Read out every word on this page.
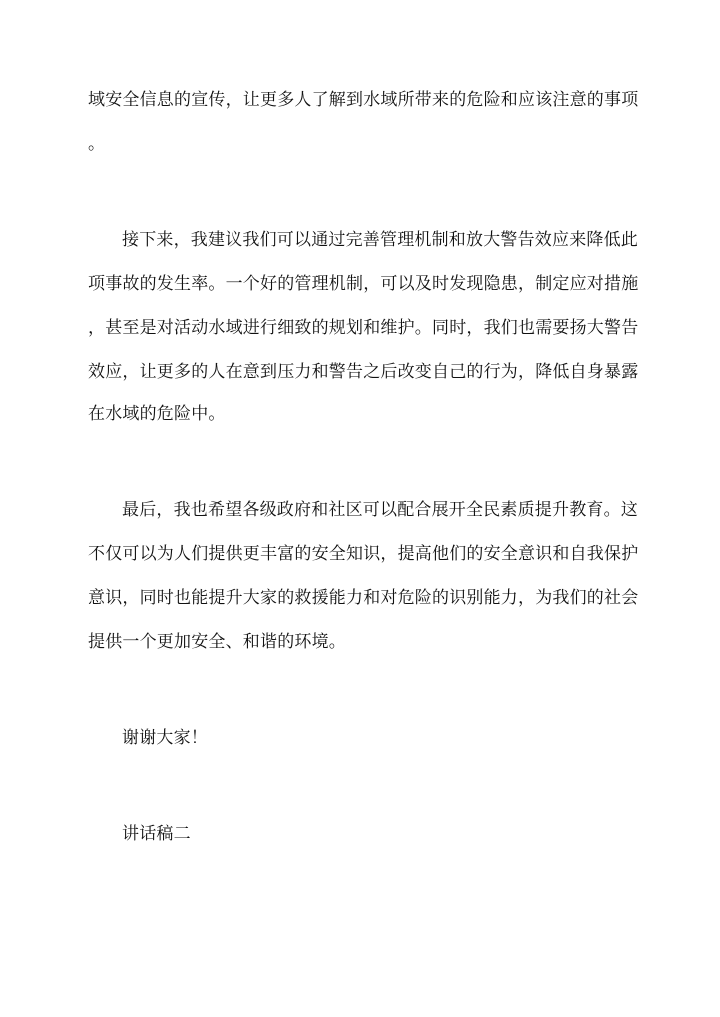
域安全信息的宣传，让更多人了解到水域所带来的危险和应该注意的事项
。
接下来，我建议我们可以通过完善管理机制和放大警告效应来降低此
项事故的发生率。一个好的管理机制，可以及时发现隐患，制定应对措施
，甚至是对活动水域进行细致的规划和维护。同时，我们也需要扬大警告
效应，让更多的人在意到压力和警告之后改变自己的行为，降低自身暴露
在水域的危险中。
最后，我也希望各级政府和社区可以配合展开全民素质提升教育。这
不仅可以为人们提供更丰富的安全知识，提高他们的安全意识和自我保护
意识，同时也能提升大家的救援能力和对危险的识别能力，为我们的社会
提供一个更加安全、和谐的环境。
谢谢大家！
讲话稿二
